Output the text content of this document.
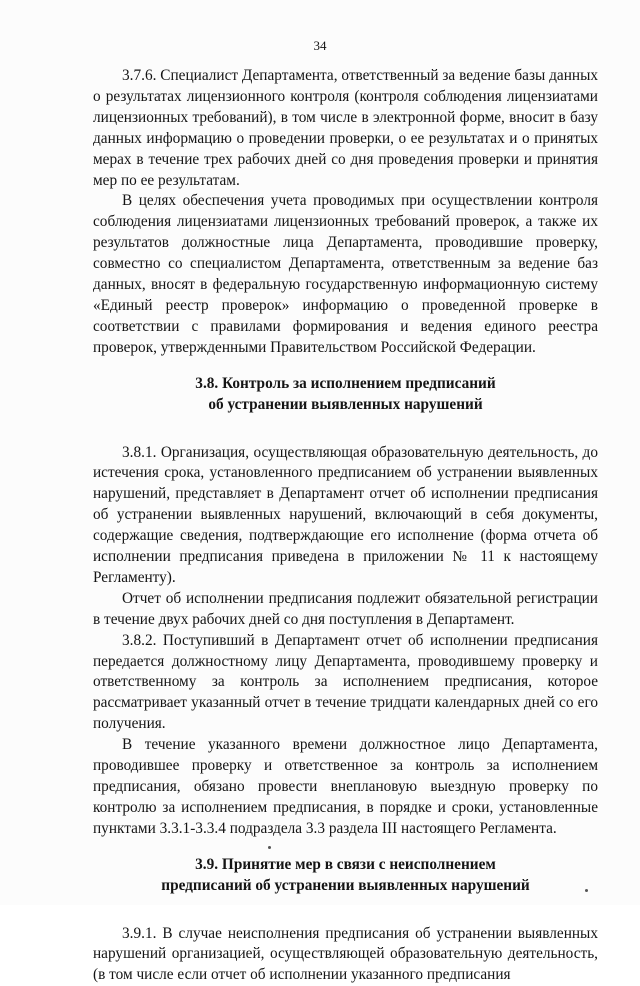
34

3.7.6. Специалист Департамента, ответственный за ведение базы данных о результатах лицензионного контроля (контроля соблюдения лицензиатами лицензионных требований), в том числе в электронной форме, вносит в базу данных информацию о проведении проверки, о ее результатах и о принятых мерах в течение трех рабочих дней со дня проведения проверки и принятия мер по ее результатам.

В целях обеспечения учета проводимых при осуществлении контроля соблюдения лицензиатами лицензионных требований проверок, а также их результатов должностные лица Департамента, проводившие проверку, совместно со специалистом Департамента, ответственным за ведение баз данных, вносят в федеральную государственную информационную систему «Единый реестр проверок» информацию о проведенной проверке в соответствии с правилами формирования и ведения единого реестра проверок, утвержденными Правительством Российской Федерации.

3.8. Контроль за исполнением предписаний
об устранении выявленных нарушений

3.8.1. Организация, осуществляющая образовательную деятельность, до истечения срока, установленного предписанием об устранении выявленных нарушений, представляет в Департамент отчет об исполнении предписания об устранении выявленных нарушений, включающий в себя документы, содержащие сведения, подтверждающие его исполнение (форма отчета об исполнении предписания приведена в приложении № 11 к настоящему Регламенту).

Отчет об исполнении предписания подлежит обязательной регистрации в течение двух рабочих дней со дня поступления в Департамент.

3.8.2. Поступивший в Департамент отчет об исполнении предписания передается должностному лицу Департамента, проводившему проверку и ответственному за контроль за исполнением предписания, которое рассматривает указанный отчет в течение тридцати календарных дней со его получения.

В течение указанного времени должностное лицо Департамента, проводившее проверку и ответственное за контроль за исполнением предписания, обязано провести внеплановую выездную проверку по контролю за исполнением предписания, в порядке и сроки, установленные пунктами 3.3.1-3.3.4 подраздела 3.3 раздела III настоящего Регламента.

3.9. Принятие мер в связи с неисполнением
предписаний об устранении выявленных нарушений

3.9.1. В случае неисполнения предписания об устранении выявленных нарушений организацией, осуществляющей образовательную деятельность, (в том числе если отчет об исполнении указанного предписания
